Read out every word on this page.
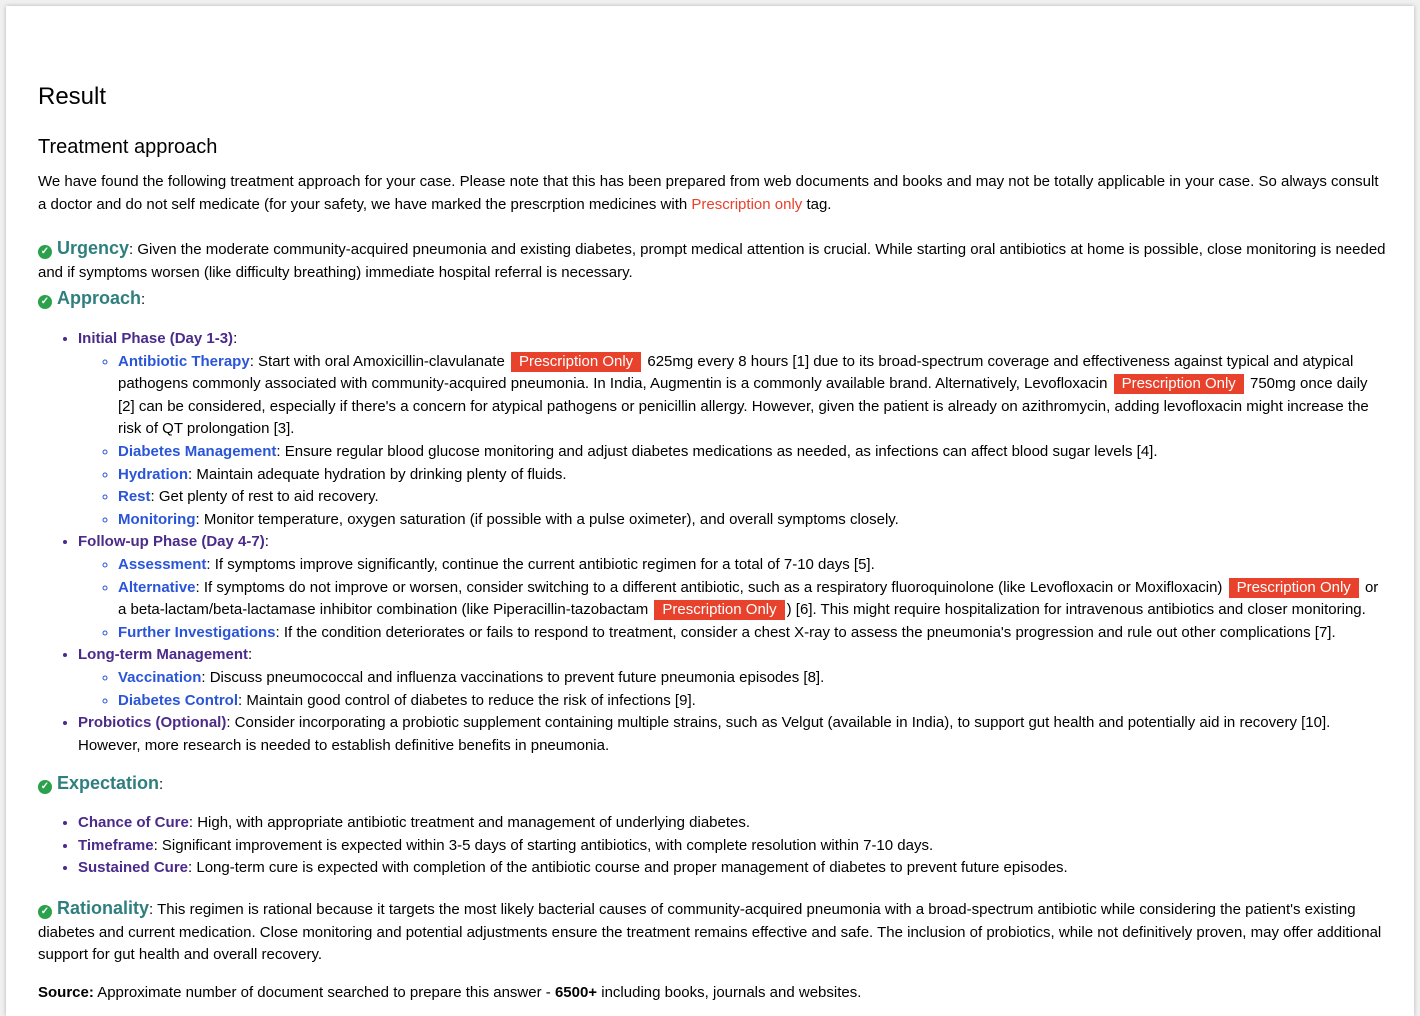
Result
Treatment approach
We have found the following treatment approach for your case. Please note that this has been prepared from web documents and books and may not be totally applicable in your case. So always consult a doctor and do not self medicate (for your safety, we have marked the prescrption medicines with Prescription only tag.
✓ Urgency: Given the moderate community-acquired pneumonia and existing diabetes, prompt medical attention is crucial. While starting oral antibiotics at home is possible, close monitoring is needed and if symptoms worsen (like difficulty breathing) immediate hospital referral is necessary.
✓ Approach:
• Initial Phase (Day 1-3):
◦ Antibiotic Therapy: Start with oral Amoxicillin-clavulanate Prescription Only 625mg every 8 hours [1] due to its broad-spectrum coverage and effectiveness against typical and atypical pathogens commonly associated with community-acquired pneumonia. In India, Augmentin is a commonly available brand. Alternatively, Levofloxacin Prescription Only 750mg once daily [2] can be considered, especially if there's a concern for atypical pathogens or penicillin allergy. However, given the patient is already on azithromycin, adding levofloxacin might increase the risk of QT prolongation [3].
◦ Diabetes Management: Ensure regular blood glucose monitoring and adjust diabetes medications as needed, as infections can affect blood sugar levels [4].
◦ Hydration: Maintain adequate hydration by drinking plenty of fluids.
◦ Rest: Get plenty of rest to aid recovery.
◦ Monitoring: Monitor temperature, oxygen saturation (if possible with a pulse oximeter), and overall symptoms closely.
• Follow-up Phase (Day 4-7):
◦ Assessment: If symptoms improve significantly, continue the current antibiotic regimen for a total of 7-10 days [5].
◦ Alternative: If symptoms do not improve or worsen, consider switching to a different antibiotic, such as a respiratory fluoroquinolone (like Levofloxacin or Moxifloxacin) Prescription Only or a beta-lactam/beta-lactamase inhibitor combination (like Piperacillin-tazobactam Prescription Only ) [6]. This might require hospitalization for intravenous antibiotics and closer monitoring.
◦ Further Investigations: If the condition deteriorates or fails to respond to treatment, consider a chest X-ray to assess the pneumonia's progression and rule out other complications [7].
• Long-term Management:
◦ Vaccination: Discuss pneumococcal and influenza vaccinations to prevent future pneumonia episodes [8].
◦ Diabetes Control: Maintain good control of diabetes to reduce the risk of infections [9].
• Probiotics (Optional): Consider incorporating a probiotic supplement containing multiple strains, such as Velgut (available in India), to support gut health and potentially aid in recovery [10]. However, more research is needed to establish definitive benefits in pneumonia.
✓ Expectation:
• Chance of Cure: High, with appropriate antibiotic treatment and management of underlying diabetes.
• Timeframe: Significant improvement is expected within 3-5 days of starting antibiotics, with complete resolution within 7-10 days.
• Sustained Cure: Long-term cure is expected with completion of the antibiotic course and proper management of diabetes to prevent future episodes.
✓ Rationality: This regimen is rational because it targets the most likely bacterial causes of community-acquired pneumonia with a broad-spectrum antibiotic while considering the patient's existing diabetes and current medication. Close monitoring and potential adjustments ensure the treatment remains effective and safe. The inclusion of probiotics, while not definitively proven, may offer additional support for gut health and overall recovery.
Source: Approximate number of document searched to prepare this answer - 6500+ including books, journals and websites.
